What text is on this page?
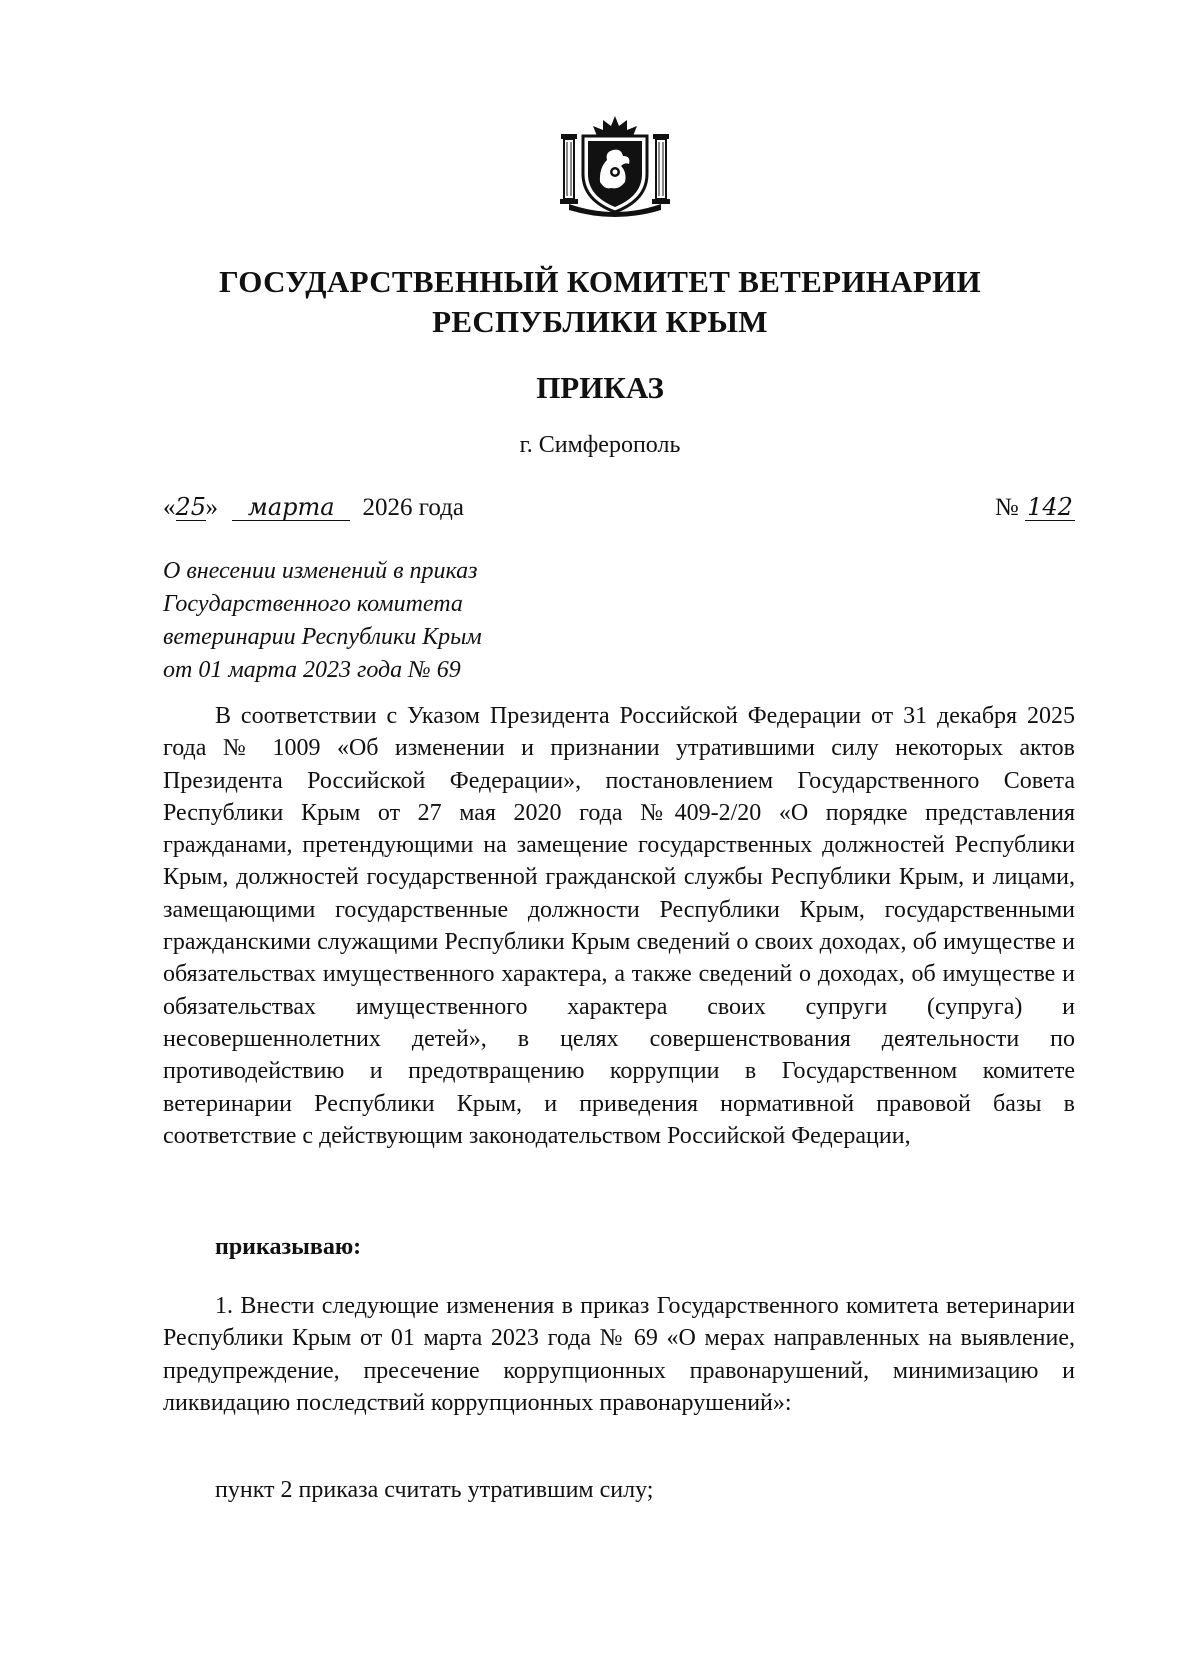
ГОСУДАРСТВЕННЫЙ КОМИТЕТ ВЕТЕРИНАРИИ
РЕСПУБЛИКИ КРЫМ
ПРИКАЗ
г. Симферополь
«25» марта 2026 года	№ 142
О внесении изменений в приказ
Государственного комитета
ветеринарии Республики Крым
от 01 марта 2023 года № 69

В соответствии с Указом Президента Российской Федерации от 31 декабря 2025 года № 1009 «Об изменении и признании утратившими силу некоторых актов Президента Российской Федерации», постановлением Государственного Совета Республики Крым от 27 мая 2020 года №409-2/20 «О порядке представления гражданами, претендующими на замещение государственных должностей Республики Крым, должностей государственной гражданской службы Республики Крым, и лицами, замещающими государственные должности Республики Крым, государственными гражданскими служащими Республики Крым сведений о своих доходах, об имуществе и обязательствах имущественного характера, а также сведений о доходах, об имуществе и обязательствах имущественного характера своих супруги (супруга) и несовершеннолетних детей», в целях совершенствования деятельности по противодействию и предотвращению коррупции в Государственном комитете ветеринарии Республики Крым, и приведения нормативной правовой базы в соответствие с действующим законодательством Российской Федерации,

приказываю:

1. Внести следующие изменения в приказ Государственного комитета ветеринарии Республики Крым от 01 марта 2023 года № 69 «О мерах направленных на выявление, предупреждение, пресечение коррупционных правонарушений, минимизацию и ликвидацию последствий коррупционных правонарушений»:

пункт 2 приказа считать утратившим силу;
